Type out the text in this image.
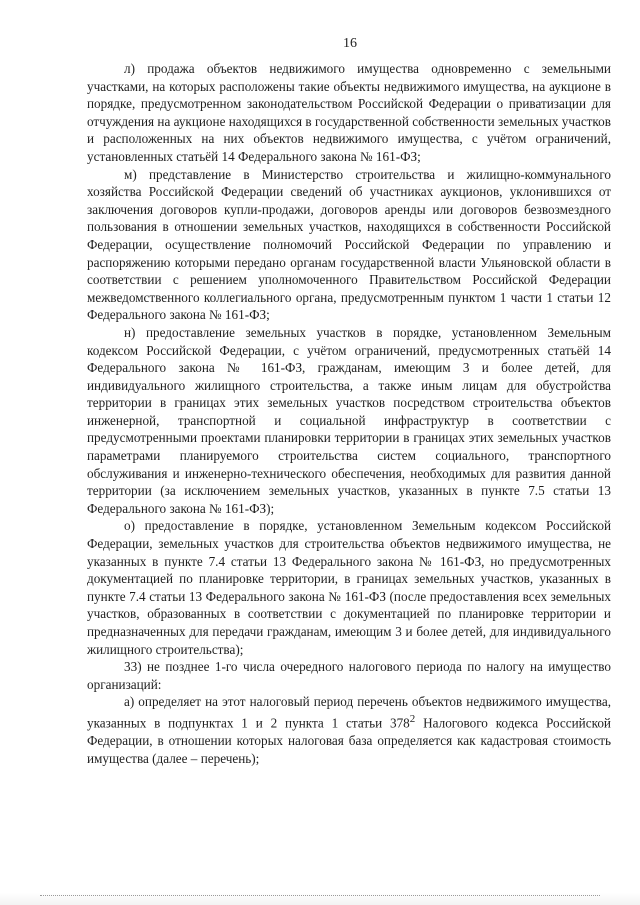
16

л) продажа объектов недвижимого имущества одновременно с земельными участками, на которых расположены такие объекты недвижимого имущества, на аукционе в порядке, предусмотренном законодательством Российской Федерации о приватизации для отчуждения на аукционе находящихся в государственной собственности земельных участков и расположенных на них объектов недвижимого имущества, с учётом ограничений, установленных статьёй 14 Федерального закона № 161-ФЗ;

м) представление в Министерство строительства и жилищно-коммунального хозяйства Российской Федерации сведений об участниках аукционов, уклонившихся от заключения договоров купли-продажи, договоров аренды или договоров безвозмездного пользования в отношении земельных участков, находящихся в собственности Российской Федерации, осуществление полномочий Российской Федерации по управлению и распоряжению которыми передано органам государственной власти Ульяновской области в соответствии с решением уполномоченного Правительством Российской Федерации межведомственного коллегиального органа, предусмотренным пунктом 1 части 1 статьи 12 Федерального закона № 161-ФЗ;

н) предоставление земельных участков в порядке, установленном Земельным кодексом Российской Федерации, с учётом ограничений, предусмотренных статьёй 14 Федерального закона № 161-ФЗ, гражданам, имеющим 3 и более детей, для индивидуального жилищного строительства, а также иным лицам для обустройства территории в границах этих земельных участков посредством строительства объектов инженерной, транспортной и социальной инфраструктур в соответствии с предусмотренными проектами планировки территории в границах этих земельных участков параметрами планируемого строительства систем социального, транспортного обслуживания и инженерно-технического обеспечения, необходимых для развития данной территории (за исключением земельных участков, указанных в пункте 7.5 статьи 13 Федерального закона № 161-ФЗ);

о) предоставление в порядке, установленном Земельным кодексом Российской Федерации, земельных участков для строительства объектов недвижимого имущества, не указанных в пункте 7.4 статьи 13 Федерального закона № 161-ФЗ, но предусмотренных документацией по планировке территории, в границах земельных участков, указанных в пункте 7.4 статьи 13 Федерального закона № 161-ФЗ (после предоставления всех земельных участков, образованных в соответствии с документацией по планировке территории и предназначенных для передачи гражданам, имеющим 3 и более детей, для индивидуального жилищного строительства);

33) не позднее 1-го числа очередного налогового периода по налогу на имущество организаций:

а) определяет на этот налоговый период перечень объектов недвижимого имущества, указанных в подпунктах 1 и 2 пункта 1 статьи $378^2$ Налогового кодекса Российской Федерации, в отношении которых налоговая база определяется как кадастровая стоимость имущества (далее – перечень);
